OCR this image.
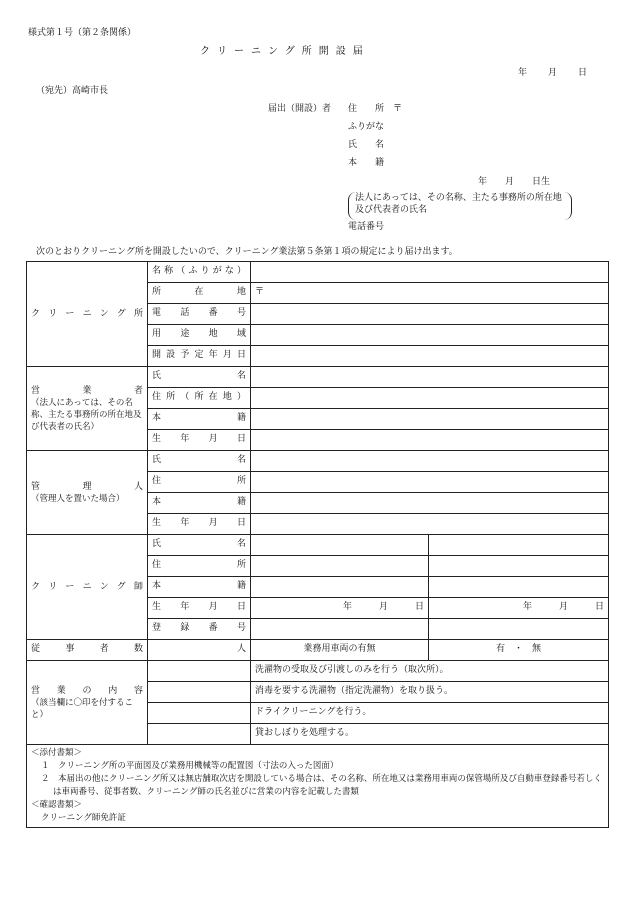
様式第１号（第２条関係）
クリーニング所開設届
年 月 日
（宛先）高崎市長
届出（開設）者 住　　所　〒
ふりがな
氏　　名
本　　籍
年　　月　　日生
法人にあっては、その名称、主たる事務所の所在地及び代表者の氏名
電話番号
次のとおりクリーニング所を開設したいので、クリーニング業法第５条第１項の規定により届け出ます。
クリーニング所	名称（ふりがな）		
	所在地	〒	
	電話番号		
	用途地域		
	開設予定年月日		

営業者
（法人にあっては、その名称、主たる事務所の所在地及び代表者の氏名）	氏名		
	住所（所在地）		
	本籍		
	生年月日		

管理人
（管理人を置いた場合）	氏名		
	住所		
	本籍		
	生年月日		

クリーニング師	氏名		
	住所		
	本籍		
	生年月日	年　　　月　　　日	年　　　月　　　日
	登録番号		
従事者数	人	業務用車両の有無	有　・　無

営業の内容
（該当欄に〇印を付すること）		洗濯物の受取及び引渡しのみを行う（取次所）。	
		消毒を要する洗濯物（指定洗濯物）を取り扱う。	
		ドライクリーニングを行う。	
		貸おしぼりを処理する。	

＜添付書類＞
１　クリーニング所の平面図及び業務用機械等の配置図（寸法の入った図面）
２　本届出の他にクリーニング所又は無店舗取次店を開設している場合は、その名称、所在地又は業務用車両の保管場所及び自動車登録番号若しくは車両番号、従事者数、クリーニング師の氏名並びに営業の内容を記載した書類
＜確認書類＞
クリーニング師免許証			
